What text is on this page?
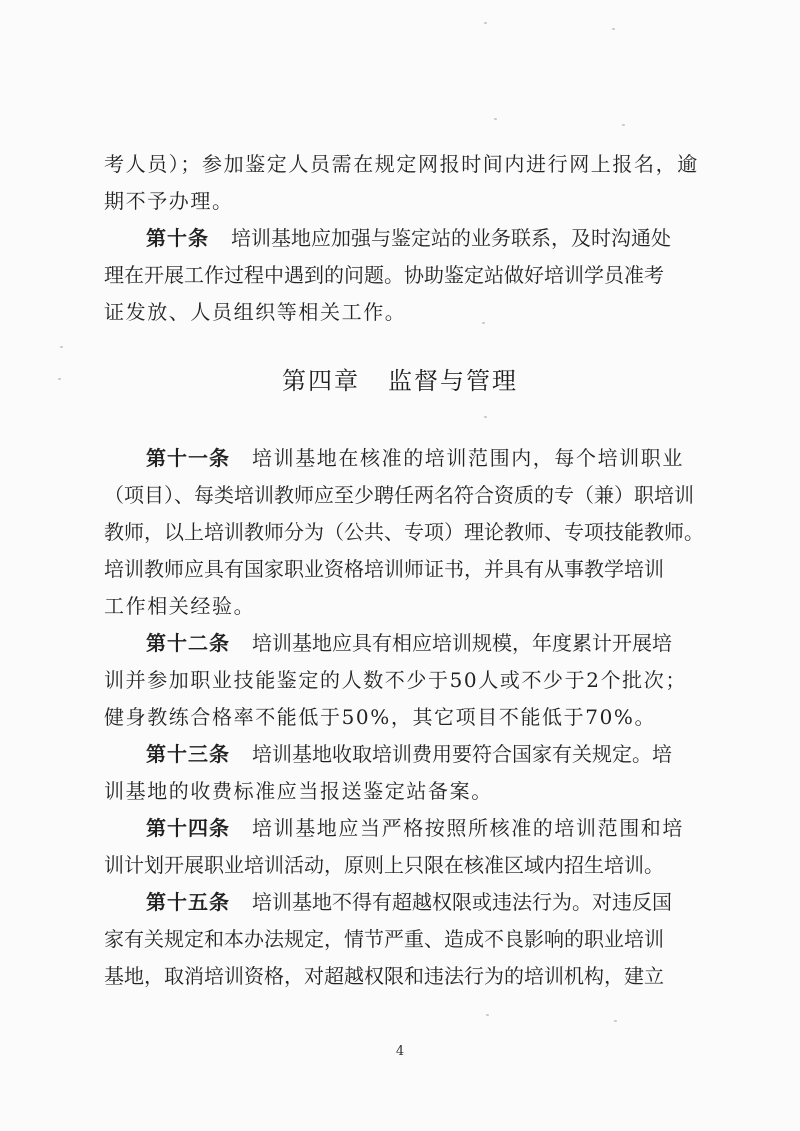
考人员）；参加鉴定人员需在规定网报时间内进行网上报名，逾
期不予办理。
第十条 培训基地应加强与鉴定站的业务联系，及时沟通处
理在开展工作过程中遇到的问题。协助鉴定站做好培训学员准考
证发放、人员组织等相关工作。
第四章 监督与管理
第十一条 培训基地在核准的培训范围内，每个培训职业
（项目）、每类培训教师应至少聘任两名符合资质的专（兼）职培训
教师，以上培训教师分为（公共、专项）理论教师、专项技能教师。
培训教师应具有国家职业资格培训师证书，并具有从事教学培训
工作相关经验。
第十二条 培训基地应具有相应培训规模，年度累计开展培
训并参加职业技能鉴定的人数不少于50人或不少于2个批次；
健身教练合格率不能低于50%，其它项目不能低于70%。
第十三条 培训基地收取培训费用要符合国家有关规定。培
训基地的收费标准应当报送鉴定站备案。
第十四条 培训基地应当严格按照所核准的培训范围和培
训计划开展职业培训活动，原则上只限在核准区域内招生培训。
第十五条 培训基地不得有超越权限或违法行为。对违反国
家有关规定和本办法规定，情节严重、造成不良影响的职业培训
基地，取消培训资格，对超越权限和违法行为的培训机构，建立
4
